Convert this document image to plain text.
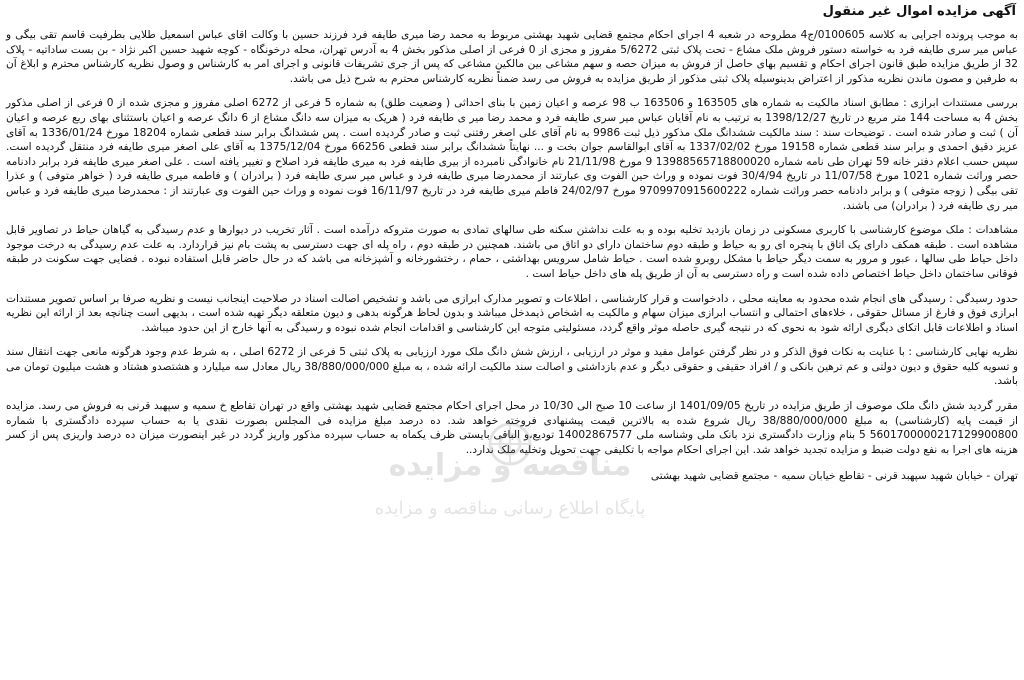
آگهی مزایده اموال غیر منقول

به موجب پرونده اجرایی به کلاسه 0100605/ج4 مطروحه در شعبه 4 اجرای احکام مجتمع قضایی شهید بهشتی مربوط به محمد رضا میری طایفه فرد فرزند حسین با وکالت اقای عباس اسمعیل طلایی بطرفیت قاسم تقی بیگی و عباس میر سری طایفه فرد به خواسته دستور فروش ملک مشاع - تحت پلاک ثبتی 5/6272 مفروز و مجزی از 0 فرعی از اصلی مذکور بخش 4 به آدرس تهران، محله درخونگاه - کوچه شهید حسین اکبر نژاد - بن بست ساداتیه - پلاک 32 از طریق مزایده طبق قانون اجرای احکام و تقسیم بهای حاصل از فروش به میزان حصه و سهم مشاعی بین مالکین مشاعی که پس از جری تشریفات قانونی و اجرای امر به کارشناس و وصول نظریه کارشناس محترم و ابلاغ آن به طرفین و مصون ماندن نظریه مذکور از اعتراض بدینوسیله پلاک ثبتی مذکور از طریق مزایده به فروش می رسد ضمناً نظریه کارشناس محترم به شرح ذیل می باشد.

بررسی مستندات ابرازی : مطابق اسناد مالکیت به شماره های 163505 و 163506 ب 98 عرصه و اعیان زمین با بنای احداثی ( وضعیت طلق) به شماره 5 فرعی از 6272 اصلی مفروز و مجزی شده از 0 فرعی از اصلی مذکور بخش 4 به مساحت 144 متر مربع در تاریخ 1398/12/27 به ترتیب به نام آقایان عباس میر سری طایفه فرد و محمد رضا میر ی طایفه فرد ( هریک به میزان سه دانگ مشاع از 6 دانگ عرصه و اعیان باستثنای بهای ربع عرصه و اعیان آن ) ثبت و صادر شده است . توضیحات سند : سند مالکیت ششدانگ ملک مذکور ذیل ثبت 9986 به نام آقای علی اصغر رفتنی ثبت و صادر گردیده است . پس ششدانگ برابر سند قطعی شماره 18204 مورخ 1336/01/24 به آقای عزیز دقیق احمدی و برابر سند قطعی شماره 19158 مورخ 1337/02/02 به آقای ابوالقاسم جوان بخت و ... نهایتاً ششدانگ برابر سند قطعی 66256 مورخ 1375/12/04 به آقای علی اصغر میری طایفه فرد منتقل گردیده است. سپس حسب اعلام دفتر خانه 59 تهران طی نامه شماره 13988565718800020 9 مورخ 21/11/98 نام خانوادگی نامبرده از بیری طایفه فرد به میری طایفه فرد اصلاح و تغییر یافته است . علی اصغر میری طایفه فرد برابر دادنامه حصر وراثت شماره 1021 مورخ 11/07/58 در تاریخ 30/4/94 فوت نموده و وراث حین الفوت وی عبارتند از محمدرضا میری طایفه فرد و عباس میر سری طایفه فرد ( برادران ) و فاطمه میری طایفه فرد ( خواهر متوفی ) و عذرا تقی بیگی ( زوجه متوفی ) و برابر دادنامه حصر وراثت شماره 9709970915600222 مورخ 24/02/97 فاطم میری طایفه فرد در تاریخ 16/11/97 فوت نموده و وراث حین الفوت وی عبارتند از : محمدرضا میری طایفه فرد و عباس میر ری طایفه فرد ( برادران) می باشند.

مشاهدات : ملک موضوع کارشناسی با کاربری مسکونی در زمان بازدید تخلیه بوده و به علت نداشتن سکنه طی سالهای تمادی به صورت متروکه درآمده است . آثار تخریب در دیوارها و عدم رسیدگی به گیاهان حیاط در تصاویر قابل مشاهده است . طبقه همکف دارای یک اتاق با پنجره ای رو به حیاط و طبقه دوم ساختمان دارای دو اتاق می باشند. همچنین در طبقه دوم ، راه پله ای جهت دسترسی به پشت بام نیز قراردارد. به علت عدم رسیدگی به درخت موجود داخل حیاط طی سالها ، عبور و مرور به سمت دیگر حیاط با مشکل روبرو شده است . حیاط شامل سرویس بهداشتی ، حمام ، رختشورخانه و آشپزخانه می باشد که در حال حاضر قابل استفاده نبوده . فضایی جهت سکونت در طبقه فوقانی ساختمان داخل حیاط اختصاص داده شده است و راه دسترسی به آن از طریق پله های داخل حیاط است .

حدود رسیدگی : رسیدگی های انجام شده محدود به معاینه محلی ، دادخواست و قرار کارشناسی ، اطلاعات و تصویر مدارک ابرازی می باشد و تشخیص اصالت اسناد در صلاحیت اینجانب نیست و نظریه صرفا بر اساس تصویر مستندات ابرازی فوق و فارغ از مسائل حقوقی ، خلاءهای احتمالی و انتساب ابرازی میزان سهام و مالکیت به اشخاص ذیمدخل میباشد و بدون لحاظ هرگونه بدهی و دیون متعلقه دیگر تهیه شده است ، بدیهی است چنانچه بعد از ارائه این نظریه اسناد و اطلاعات قابل اتکای دیگری ارائه شود به نحوی که در نتیجه گیری حاصله موثر واقع گردد، مسئولیتی متوجه این کارشناسی و اقدامات انجام شده نبوده و رسیدگی به آنها خارج از این حدود میباشد.

نظریه نهایی کارشناسی : با عنایت به نکات فوق الذکر و در نظر گرفتن عوامل مفید و موثر در ارزیابی ، ارزش شش دانگ ملک مورد ارزیابی به پلاک ثبتی 5 فرعی از 6272 اصلی ، به شرط عدم وجود هرگونه مانعی جهت انتقال سند و تسویه کلیه حقوق و دیون دولتی و عم ترهین بانکی و / افراد حقیقی و حقوقی دیگر و عدم بازداشتی و اصالت سند مالکیت ارائه شده ، به مبلغ 38/880/000/000 ریال معادل سه میلیارد و هشتصدو هشتاد و هشت میلیون تومان می باشد.

مقرر گردید شش دانگ ملک موصوف از طریق مزایده در تاریخ 1401/09/05 از ساعت 10 صبح الی 10/30 در محل اجرای احکام مجتمع قضایی شهید بهشتی واقع در تهران تقاطع خ سمیه و سپهبد قرنی به فروش می رسد. مزایده از قیمت پایه (کارشناسی) به مبلغ 38/880/000/000 ریال شروع شده به بالاترین قیمت پیشنهادی فروخته خواهد شد. ده درصد مبلغ مزایده فی المجلس بصورت نقدی یا به حساب سپرده دادگستری با شماره 5601700000217129900800 5 بنام وزارت دادگستری نزد بانک ملی وشناسه ملی 14002867577 تودیع،و الباقی بایستی ظرف یکماه به حساب سپرده مذکور واریز گردد در غیر اینصورت میزان ده درصد واریزی پس از کسر هزینه های اجرا به نفع دولت ضبط و مزایده تجدید خواهد شد. این اجرای احکام مواجه با تکلیفی جهت تحویل وتخلیه ملک ندارد..

تهران - خیابان شهید سپهبد قرنی - تقاطع خیابان سمیه-مجتمع قضایی شهید بهشتی

مناقصه و مزایده
پایگاه اطلاع رسانی مناقصه و مزایده
